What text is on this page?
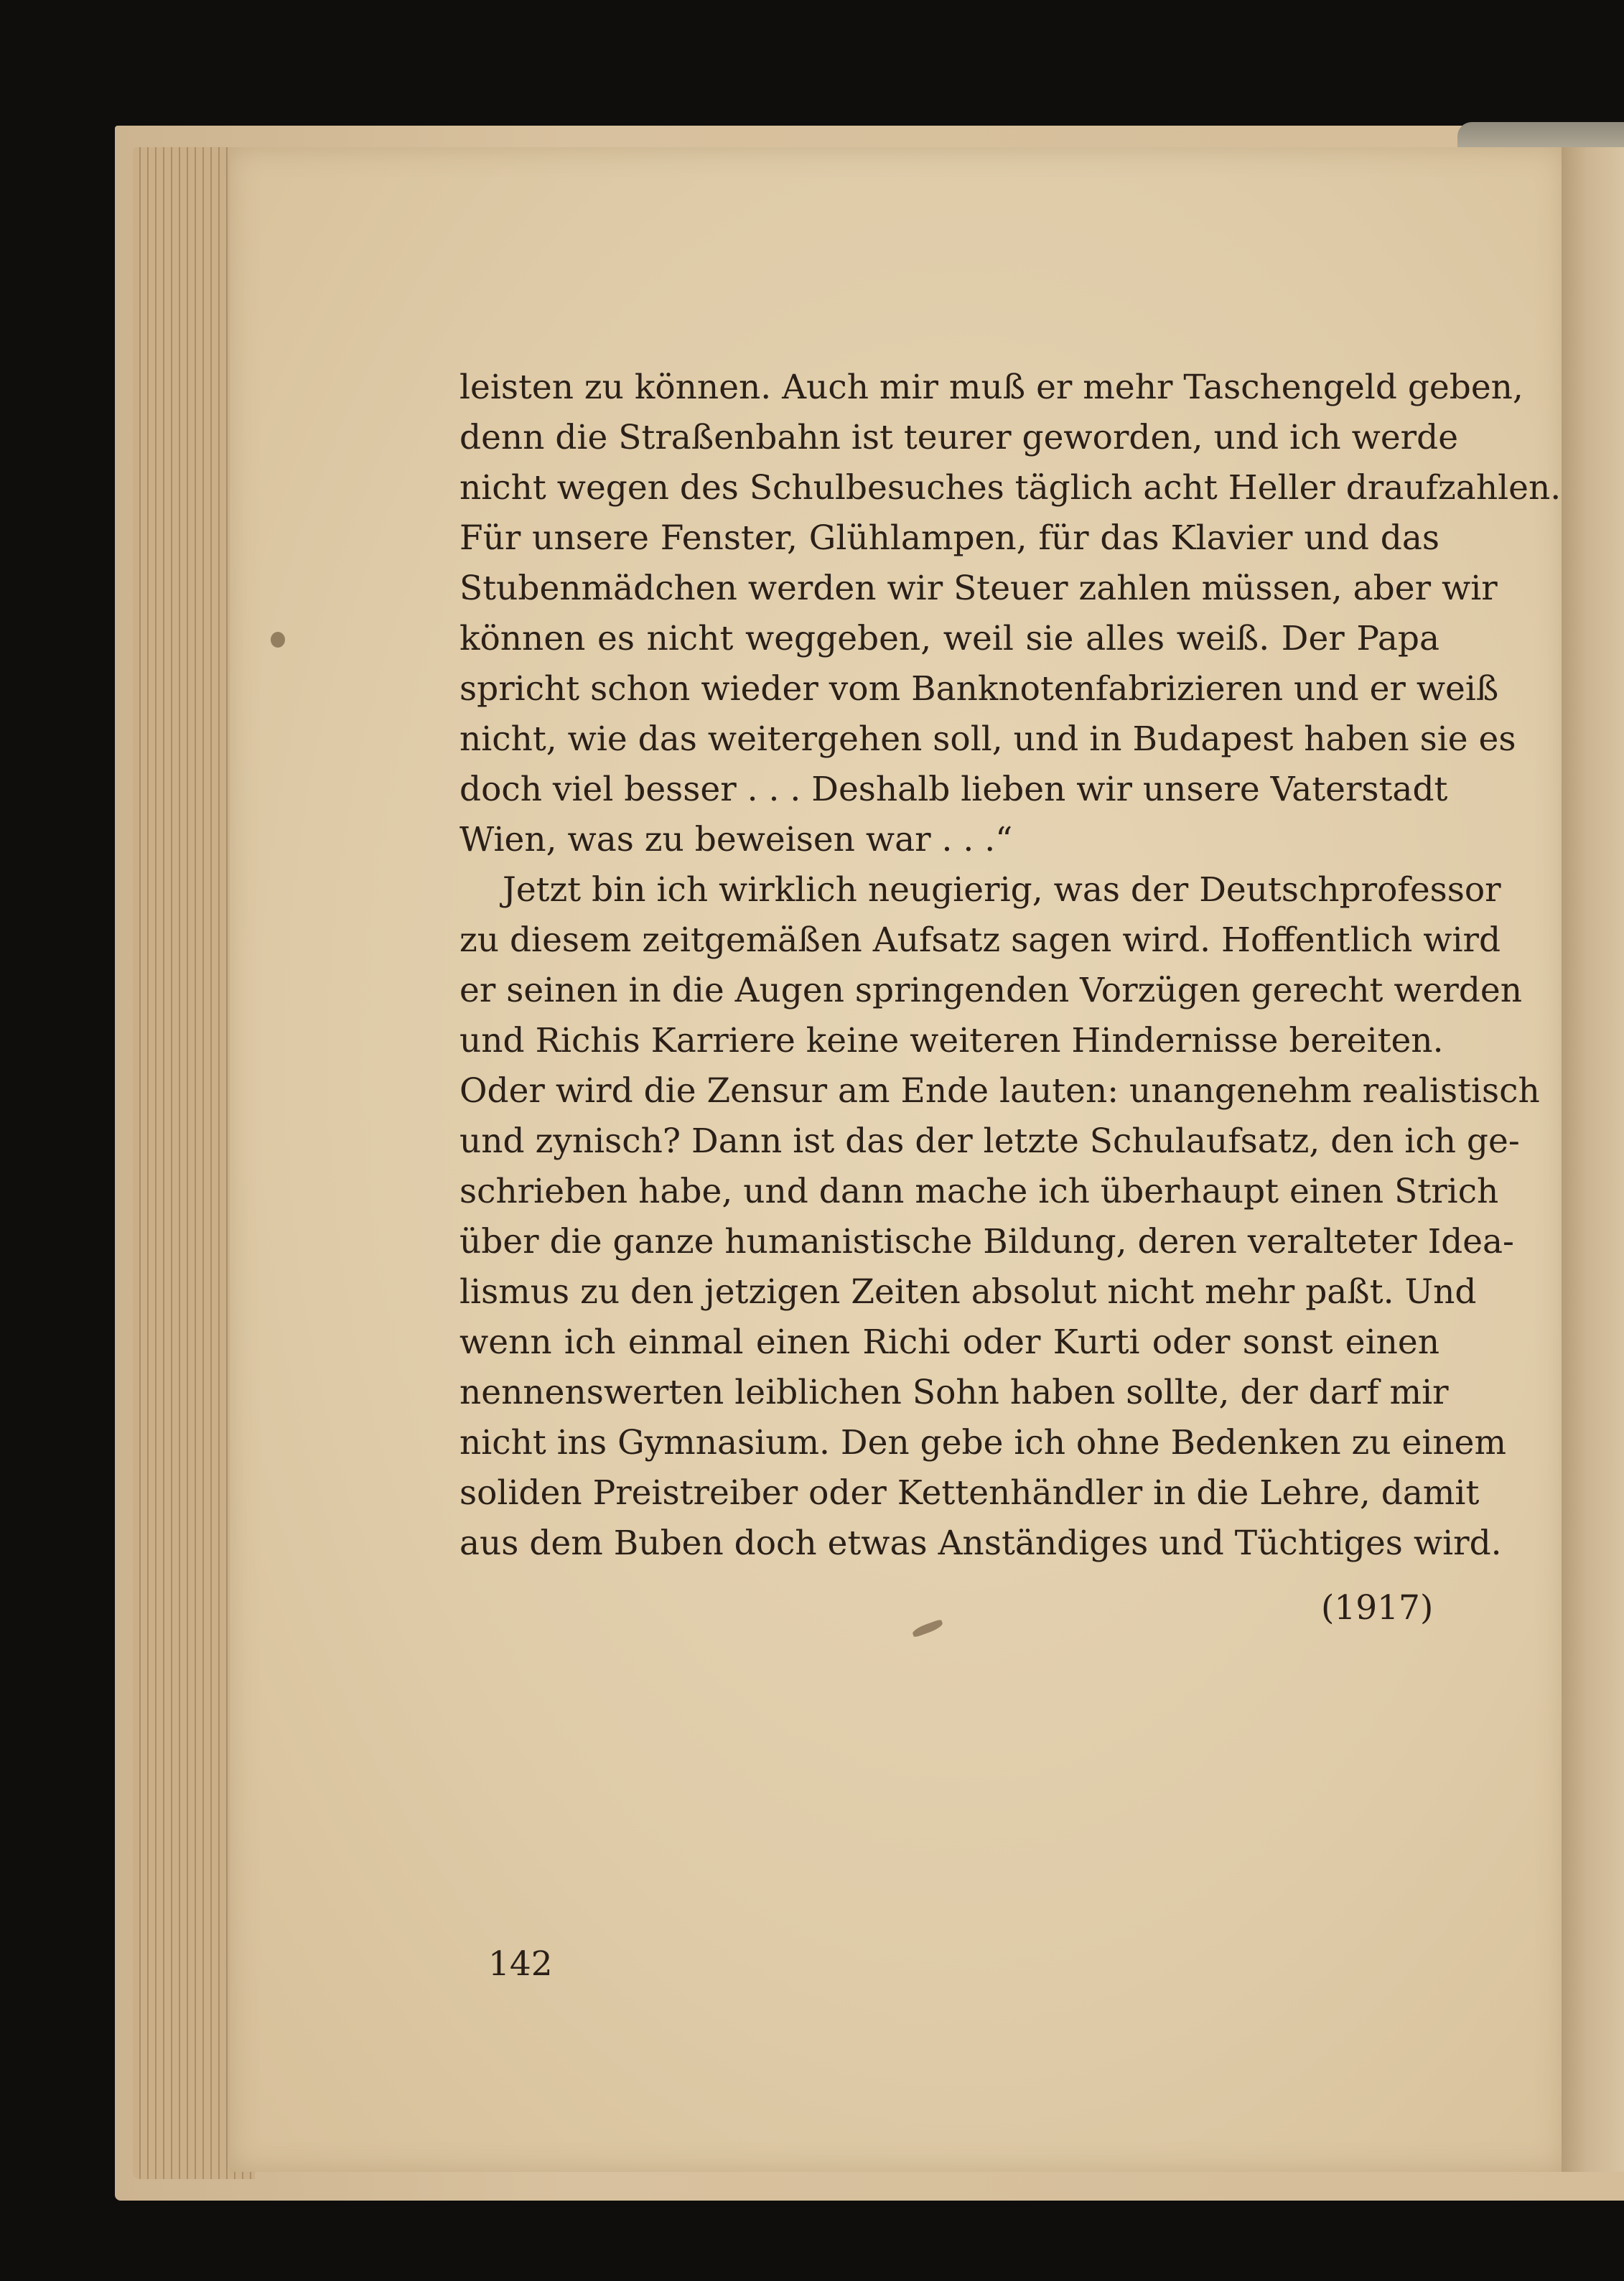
leisten zu können. Auch mir muß er mehr Taschengeld geben,
denn die Straßenbahn ist teurer geworden, und ich werde
nicht wegen des Schulbesuches täglich acht Heller draufzahlen.
Für unsere Fenster, Glühlampen, für das Klavier und das
Stubenmädchen werden wir Steuer zahlen müssen, aber wir
können es nicht weggeben, weil sie alles weiß. Der Papa
spricht schon wieder vom Banknotenfabrizieren und er weiß
nicht, wie das weitergehen soll, und in Budapest haben sie es
doch viel besser . . . Deshalb lieben wir unsere Vaterstadt
Wien, was zu beweisen war . . .“
Jetzt bin ich wirklich neugierig, was der Deutschprofessor
zu diesem zeitgemäßen Aufsatz sagen wird. Hoffentlich wird
er seinen in die Augen springenden Vorzügen gerecht werden
und Richis Karriere keine weiteren Hindernisse bereiten.
Oder wird die Zensur am Ende lauten: unangenehm realistisch
und zynisch? Dann ist das der letzte Schulaufsatz, den ich ge-
schrieben habe, und dann mache ich überhaupt einen Strich
über die ganze humanistische Bildung, deren veralteter Idea-
lismus zu den jetzigen Zeiten absolut nicht mehr paßt. Und
wenn ich einmal einen Richi oder Kurti oder sonst einen
nennenswerten leiblichen Sohn haben sollte, der darf mir
nicht ins Gymnasium. Den gebe ich ohne Bedenken zu einem
soliden Preistreiber oder Kettenhändler in die Lehre, damit
aus dem Buben doch etwas Anständiges und Tüchtiges wird.
(1917)
142
